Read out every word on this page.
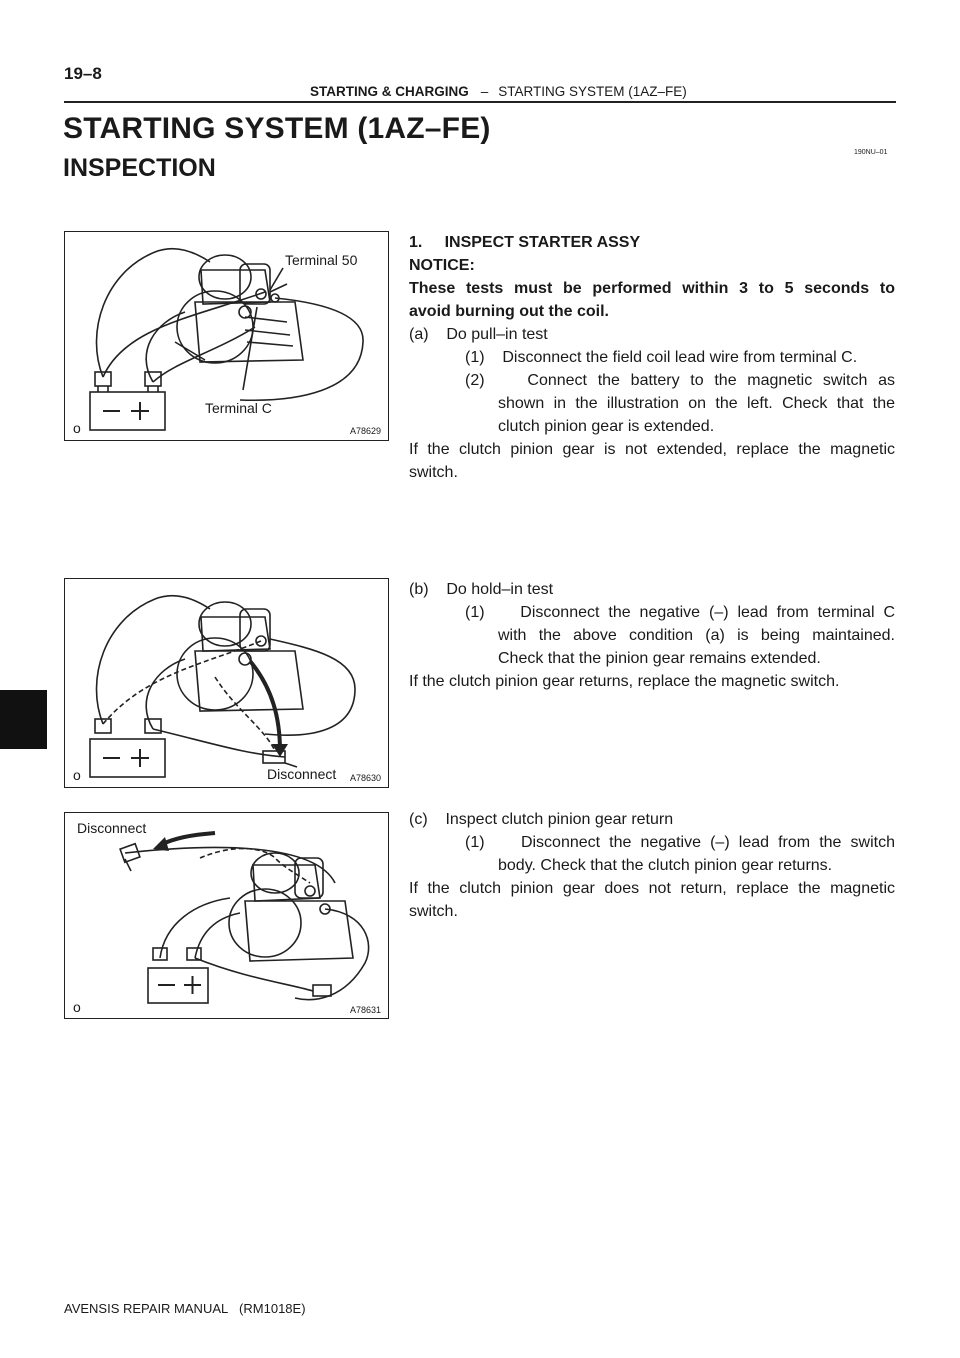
19–8
STARTING & CHARGING – STARTING SYSTEM (1AZ–FE)
STARTING SYSTEM (1AZ–FE)
INSPECTION
190NU–01
Terminal 50
Terminal C
o	A78629
Disconnect
o	A78630
Disconnect
o	A78631
1.     INSPECT STARTER ASSY
NOTICE:
These tests must be performed within 3 to 5 seconds to
avoid burning out the coil.
(a)    Do pull–in test
(1)    Disconnect the field coil lead wire from terminal C.
(2)    Connect the battery to the magnetic switch as
shown in the illustration on the left. Check that the
clutch pinion gear is extended.
If the clutch pinion gear is not extended, replace the magnetic
switch.
(b)    Do hold–in test
(1)    Disconnect the negative (–) lead from terminal C
with the above condition (a) is being maintained.
Check that the pinion gear remains extended.
If the clutch pinion gear returns, replace the magnetic switch.
(c)    Inspect clutch pinion gear return
(1)    Disconnect the negative (–) lead from the switch
body. Check that the clutch pinion gear returns.
If the clutch pinion gear does not return, replace the magnetic
switch.
AVENSIS REPAIR MANUAL   (RM1018E)
